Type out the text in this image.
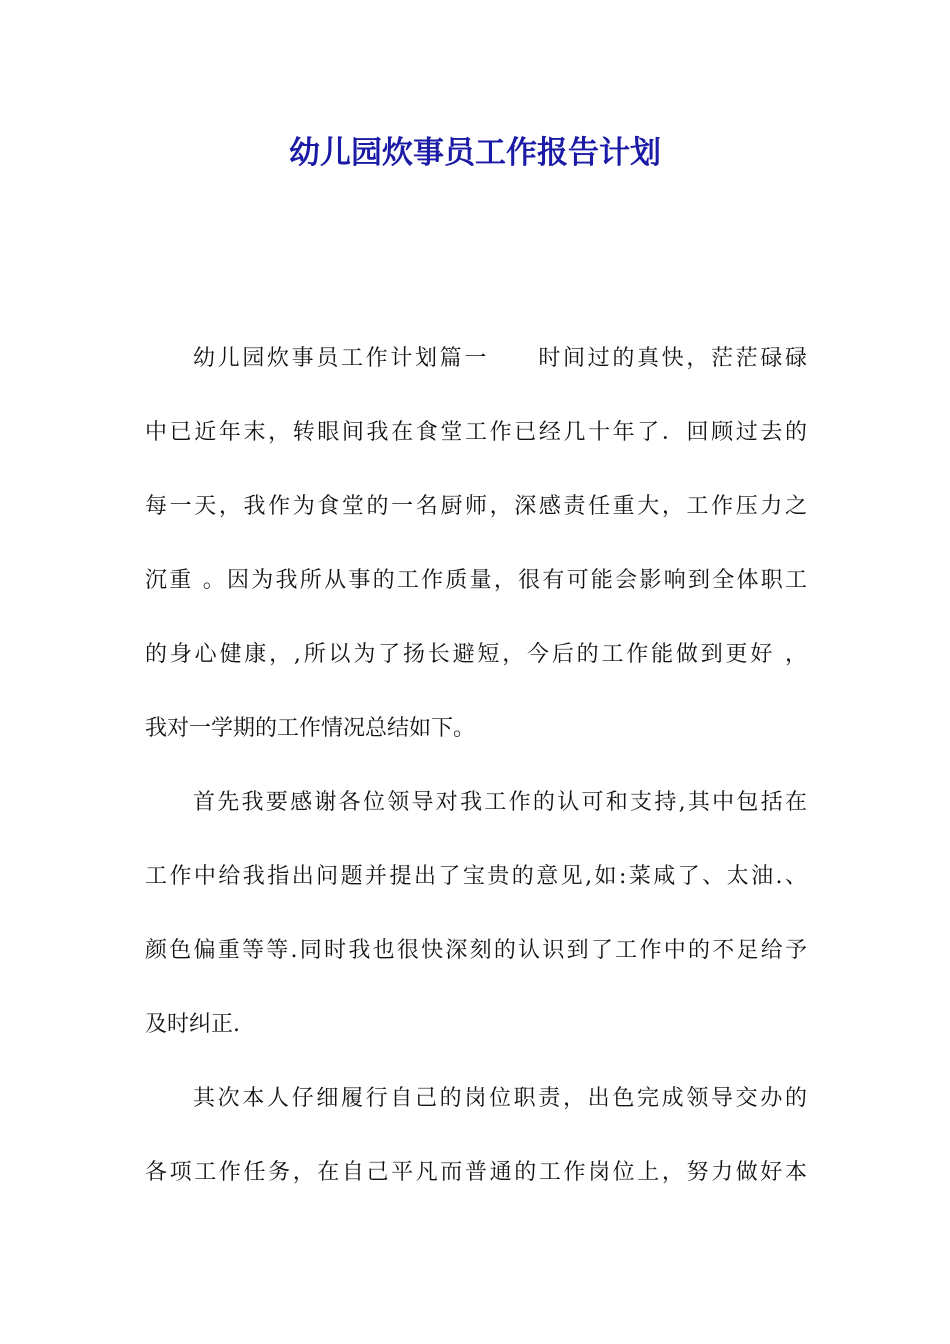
幼儿园炊事员工作报告计划
幼儿园炊事员工作计划篇一　　时间过的真快，茫茫碌碌
中已近年末，转眼间我在食堂工作已经几十年了．回顾过去的
每一天，我作为食堂的一名厨师，深感责任重大，工作压力之
沉重 。因为我所从事的工作质量，很有可能会影响到全体职工
的身心健康，,所以为了扬长避短，今后的工作能做到更好 ，
我对一学期的工作情况总结如下。
首先我要感谢各位领导对我工作的认可和支持,其中包括在
工作中给我指出问题并提出了宝贵的意见,如:菜咸了、太油.、
颜色偏重等等.同时我也很快深刻的认识到了工作中的不足给予
及时纠正.
其次本人仔细履行自己的岗位职责，出色完成领导交办的
各项工作任务，在自己平凡而普通的工作岗位上，努力做好本
